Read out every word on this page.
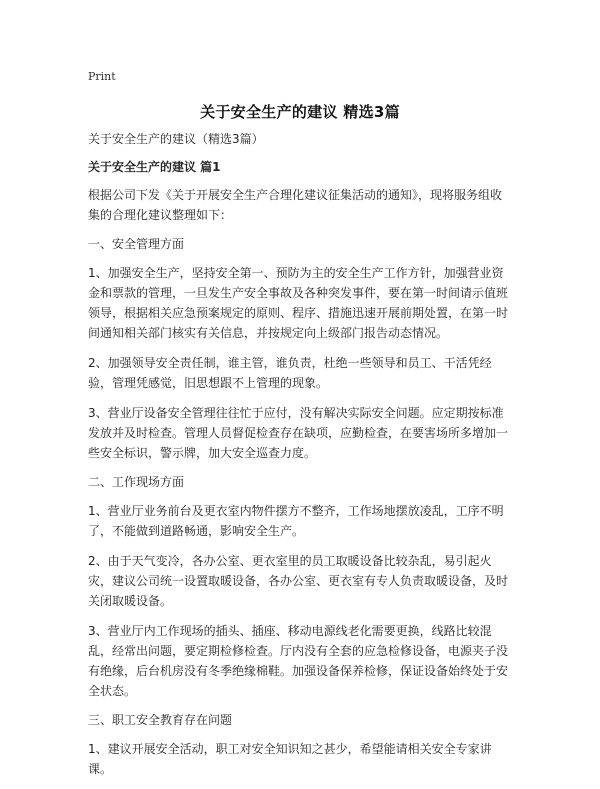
Print
关于安全生产的建议 精选3篇
关于安全生产的建议（精选3篇）
关于安全生产的建议 篇1
根据公司下发《关于开展安全生产合理化建议征集活动的通知》，现将服务组收集的合理化建议整理如下：
一、安全管理方面
1、加强安全生产，坚持安全第一、预防为主的安全生产工作方针，加强营业资金和票款的管理，一旦发生产安全事故及各种突发事件，要在第一时间请示值班领导，根据相关应急预案规定的原则、程序、措施迅速开展前期处置，在第一时间通知相关部门核实有关信息，并按规定向上级部门报告动态情况。
2、加强领导安全责任制，谁主管，谁负责，杜绝一些领导和员工、干活凭经验，管理凭感觉，旧思想跟不上管理的现象。
3、营业厅设备安全管理往往忙于应付，没有解决实际安全问题。应定期按标准发放并及时检查。管理人员督促检查存在缺项，应勤检查，在要害场所多增加一些安全标识，警示牌，加大安全巡查力度。
二、工作现场方面
1、营业厅业务前台及更衣室内物件摆方不整齐，工作场地摆放凌乱，工序不明了，不能做到道路畅通，影响安全生产。
2、由于天气变冷，各办公室、更衣室里的员工取暖设备比较杂乱，易引起火灾，建议公司统一设置取暖设备，各办公室、更衣室有专人负责取暖设备，及时关闭取暖设备。
3、营业厅内工作现场的插头、插座、移动电源线老化需要更换，线路比较混乱，经常出问题，要定期检修检查。厅内没有全套的应急检修设备，电源夹子没有绝缘，后台机房没有冬季绝缘棉鞋。加强设备保养检修，保证设备始终处于安全状态。
三、职工安全教育存在问题
1、建议开展安全活动，职工对安全知识知之甚少，希望能请相关安全专家讲课。
